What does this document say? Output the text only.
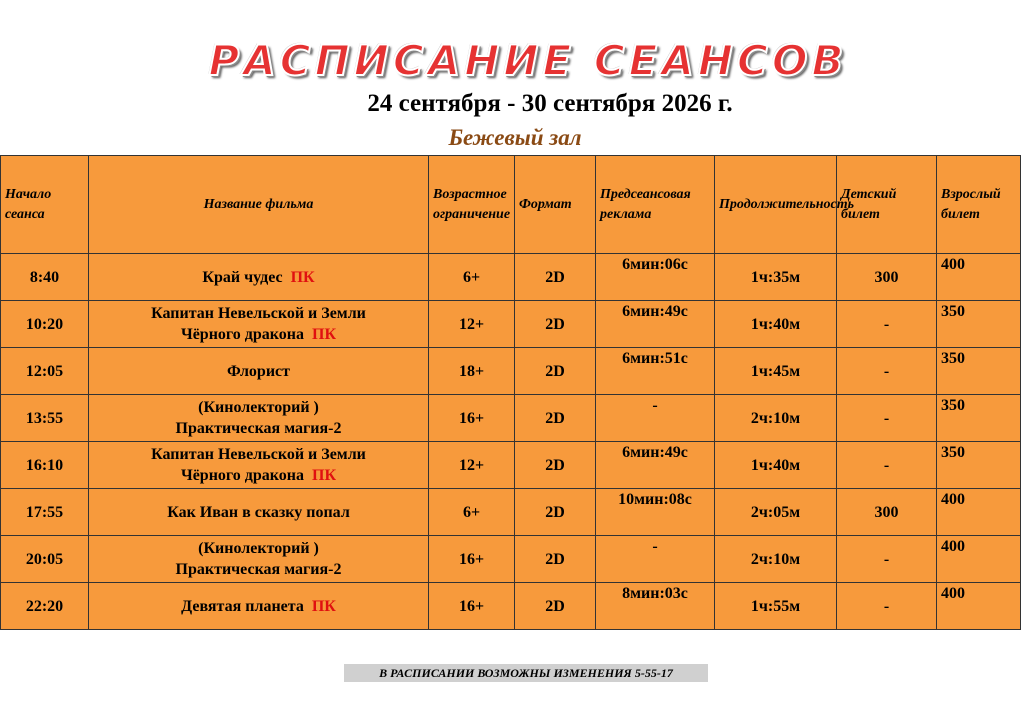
РАСПИСАНИЕ СЕАНСОВ
24 сентября - 30 сентября 2026 г.
Бежевый зал
Начало сеанса	Название фильма	Возрастное ограничение	Формат	Предсеансовая реклама	Продолжительность	Детский билет	Взрослый билет
8:40	Край чудес ПК	6+	2D	6мин:06с	1ч:35м	300	400
10:20	Капитан Невельской и Земли
Чёрного дракона ПК	12+	2D	6мин:49с	1ч:40м	-	350
12:05	Флорист	18+	2D	6мин:51с	1ч:45м	-	350
13:55	(Кинолекторий )
Практическая магия-2	16+	2D	-	2ч:10м	-	350
16:10	Капитан Невельской и Земли
Чёрного дракона ПК	12+	2D	6мин:49с	1ч:40м	-	350
17:55	Как Иван в сказку попал	6+	2D	10мин:08с	2ч:05м	300	400
20:05	(Кинолекторий )
Практическая магия-2	16+	2D	-	2ч:10м	-	400
22:20	Девятая планета ПК	16+	2D	8мин:03с	1ч:55м	-	400
В РАСПИСАНИИ ВОЗМОЖНЫ ИЗМЕНЕНИЯ 5-55-17
